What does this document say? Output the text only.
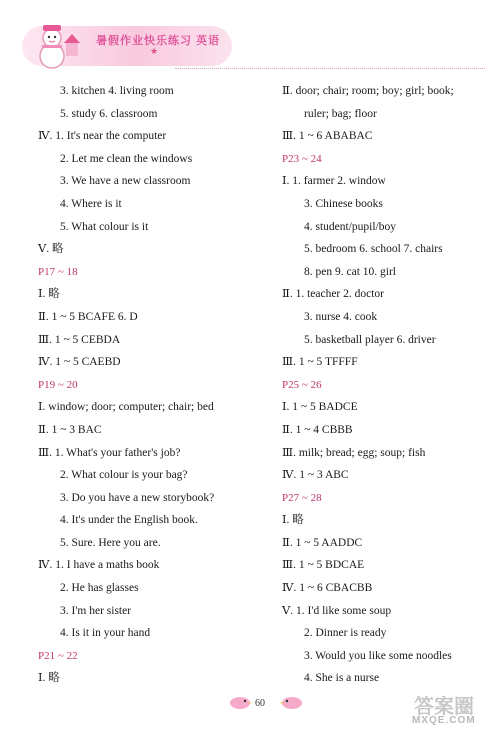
暑假作业快乐练习 英语
★
3. kitchen 4. living room
5. study 6. classroom
Ⅳ. 1. It's near the computer
2. Let me clean the windows
3. We have a new classroom
4. Where is it
5. What colour is it
Ⅴ. 略
P17 ~ 18
Ⅰ. 略
Ⅱ. 1 ~ 5 BCAFE 6. D
Ⅲ. 1 ~ 5 CEBDA
Ⅳ. 1 ~ 5 CAEBD
P19 ~ 20
Ⅰ. window; door; computer; chair; bed
Ⅱ. 1 ~ 3 BAC
Ⅲ. 1. What's your father's job?
2. What colour is your bag?
3. Do you have a new storybook?
4. It's under the English book.
5. Sure. Here you are.
Ⅳ. 1. I have a maths book
2. He has glasses
3. I'm her sister
4. Is it in your hand
P21 ~ 22
Ⅰ. 略
Ⅱ. door; chair; room; boy; girl; book;
ruler; bag; floor
Ⅲ. 1 ~ 6 ABABAC
P23 ~ 24
Ⅰ. 1. farmer 2. window
3. Chinese books
4. student/pupil/boy
5. bedroom 6. school 7. chairs
8. pen 9. cat 10. girl
Ⅱ. 1. teacher 2. doctor
3. nurse 4. cook
5. basketball player 6. driver
Ⅲ. 1 ~ 5 TFFFF
P25 ~ 26
Ⅰ. 1 ~ 5 BADCE
Ⅱ. 1 ~ 4 CBBB
Ⅲ. milk; bread; egg; soup; fish
Ⅳ. 1 ~ 3 ABC
P27 ~ 28
Ⅰ. 略
Ⅱ. 1 ~ 5 AADDC
Ⅲ. 1 ~ 5 BDCAE
Ⅳ. 1 ~ 6 CBACBB
Ⅴ. 1. I'd like some soup
2. Dinner is ready
3. Would you like some noodles
4. She is a nurse
60	答案圈
MXQE.COM
